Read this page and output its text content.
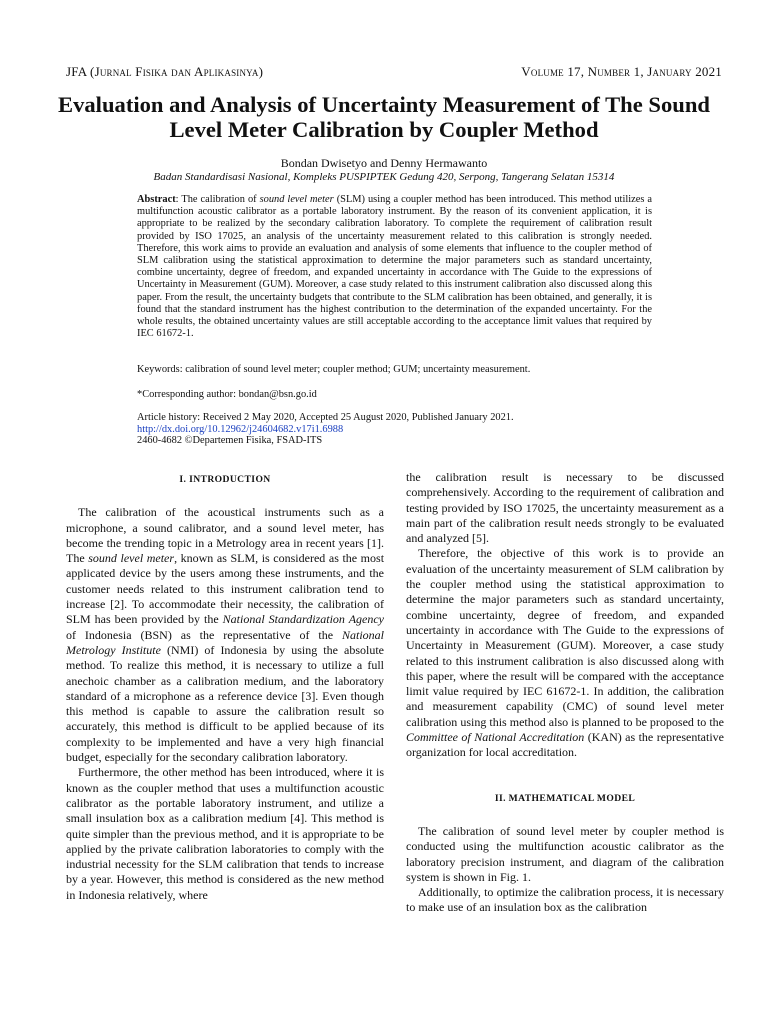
JFA (Jurnal Fisika dan Aplikasinya)	Volume 17, Number 1, January 2021
Evaluation and Analysis of Uncertainty Measurement of The Sound Level Meter Calibration by Coupler Method
Bondan Dwisetyo and Denny Hermawanto
Badan Standardisasi Nasional, Kompleks PUSPIPTEK Gedung 420, Serpong, Tangerang Selatan 15314
Abstract: The calibration of sound level meter (SLM) using a coupler method has been introduced. This method utilizes a multifunction acoustic calibrator as a portable laboratory instrument. By the reason of its convenient application, it is appropriate to be realized by the secondary calibration laboratory. To complete the requirement of calibration result provided by ISO 17025, an analysis of the uncertainty measurement related to this calibration is strongly needed. Therefore, this work aims to provide an evaluation and analysis of some elements that influence to the coupler method of SLM calibration using the statistical approximation to determine the major parameters such as standard uncertainty, combine uncertainty, degree of freedom, and expanded uncertainty in accordance with The Guide to the expressions of Uncertainty in Measurement (GUM). Moreover, a case study related to this instrument calibration also discussed along this paper. From the result, the uncertainty budgets that contribute to the SLM calibration has been obtained, and generally, it is found that the standard instrument has the highest contribution to the determination of the expanded uncertainty. For the whole results, the obtained uncertainty values are still acceptable according to the acceptance limit values that required by IEC 61672-1.
Keywords: calibration of sound level meter; coupler method; GUM; uncertainty measurement.
*Corresponding author: bondan@bsn.go.id
Article history: Received 2 May 2020, Accepted 25 August 2020, Published January 2021.
http://dx.doi.org/10.12962/j24604682.v17i1.6988
2460-4682 ©Departemen Fisika, FSAD-ITS
I. INTRODUCTION

The calibration of the acoustical instruments such as a microphone, a sound calibrator, and a sound level meter, has become the trending topic in a Metrology area in recent years [1]. The sound level meter, known as SLM, is considered as the most applicated device by the users among these instruments, and the customer needs related to this instrument calibration tend to increase [2]. To accommodate their necessity, the calibration of SLM has been provided by the National Standardization Agency of Indonesia (BSN) as the representative of the National Metrology Institute (NMI) of Indonesia by using the absolute method. To realize this method, it is necessary to utilize a full anechoic chamber as a calibration medium, and the laboratory standard of a microphone as a reference device [3]. Even though this method is capable to assure the calibration result so accurately, this method is difficult to be applied because of its complexity to be implemented and have a very high financial budget, especially for the secondary calibration laboratory.

Furthermore, the other method has been introduced, where it is known as the coupler method that uses a multifunction acoustic calibrator as the portable laboratory instrument, and utilize a small insulation box as a calibration medium [4]. This method is quite simpler than the previous method, and it is appropriate to be applied by the private calibration laboratories to comply with the industrial necessity for the SLM calibration that tends to increase by a year. However, this method is considered as the new method in Indonesia relatively, where

the calibration result is necessary to be discussed comprehensively. According to the requirement of calibration and testing provided by ISO 17025, the uncertainty measurement as a main part of the calibration result needs strongly to be evaluated and analyzed [5].

Therefore, the objective of this work is to provide an evaluation of the uncertainty measurement of SLM calibration by the coupler method using the statistical approximation to determine the major parameters such as standard uncertainty, combine uncertainty, degree of freedom, and expanded uncertainty in accordance with The Guide to the expressions of Uncertainty in Measurement (GUM). Moreover, a case study related to this instrument calibration is also discussed along with this paper, where the result will be compared with the acceptance limit value required by IEC 61672-1. In addition, the calibration and measurement capability (CMC) of sound level meter calibration using this method also is planned to be proposed to the Committee of National Accreditation (KAN) as the representative organization for local accreditation.

II. MATHEMATICAL MODEL

The calibration of sound level meter by coupler method is conducted using the multifunction acoustic calibrator as the laboratory precision instrument, and diagram of the calibration system is shown in Fig. 1.

Additionally, to optimize the calibration process, it is necessary to make use of an insulation box as the calibration
